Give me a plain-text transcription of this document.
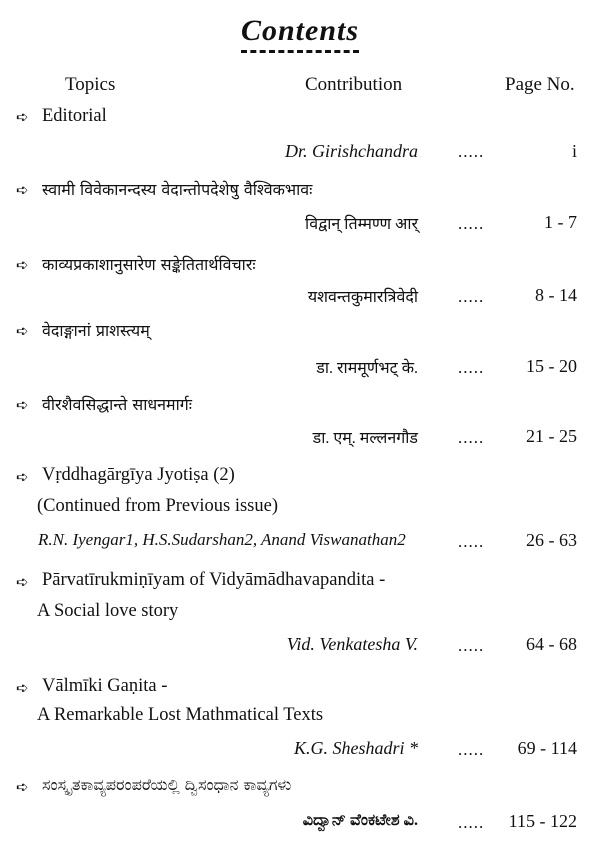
Contents
Topics	Contribution	Page No.
➪ Editorial
Dr. Girishchandra .....	i
➪ स्वामी विवेकानन्दस्य वेदान्तोपदेशेषु वैश्विकभावः
विद्वान् तिम्मण्ण आर् .....	1 - 7
➪ काव्यप्रकाशानुसारेण सङ्केतितार्थविचारः
यशवन्तकुमारत्रिवेदी .....	8 - 14
➪ वेदाङ्गानां प्राशस्त्यम्
डा. राममूर्णभट् के. ..... 15 - 20
➪ वीरशैवसिद्धान्ते साधनमार्गः
डा. एम्. मल्लनगौड ..... 21 - 25
➪ Vṛddhagārgīya Jyotiṣa (2)
(Continued from Previous issue)
R.N. Iyengar1, H.S.Sudarshan2, Anand Viswanathan2	..... 26 - 63
➪ Pārvatīrukmiṇīyam of Vidyāmādhavapandita -
A Social love story
Vid. Venkatesha V. ..... 64 - 68
➪ Vālmīki Gaṇita -
A Remarkable Lost Mathmatical Texts
K.G. Sheshadri * ..... 69 - 114
➪ ಸಂಸ್ಕೃತಕಾವ್ಯಪರಂಪರೆಯಲ್ಲಿ ದ್ವಿಸಂಧಾನ ಕಾವ್ಯಗಳು
ವಿದ್ವಾನ್ ವೆಂಕಟೇಶ ವಿ. ..... 115 - 122
